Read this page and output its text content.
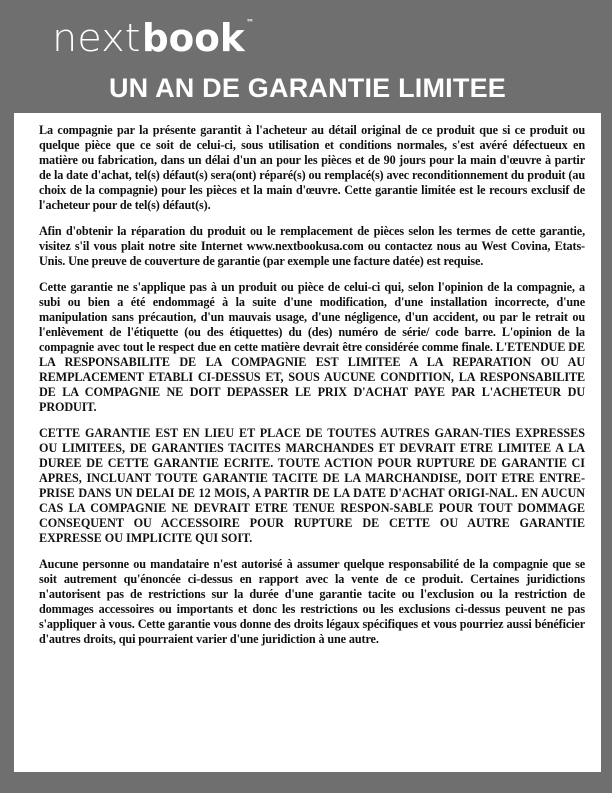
next book ™
UN AN DE GARANTIE LIMITEE

La compagnie par la présente garantit à l'acheteur au détail original de ce produit que si ce produit ou quelque pièce que ce soit de celui-ci, sous utilisation et conditions normales, s'est avéré défectueux en matière ou fabrication, dans un délai d'un an pour les pièces et de 90 jours pour la main d'œuvre à partir de la date d'achat, tel(s) défaut(s) sera(ont) réparé(s) ou remplacé(s) avec reconditionnement du produit (au choix de la compagnie) pour les pièces et la main d'œuvre. Cette garantie limitée est le recours exclusif de l'acheteur pour de tel(s) défaut(s).

Afin d'obtenir la réparation du produit ou le remplacement de pièces selon les termes de cette garantie, visitez s'il vous plait notre site Internet www.nextbookusa.com ou contactez nous au West Covina, Etats-Unis. Une preuve de couverture de garantie (par exemple une facture datée) est requise.

Cette garantie ne s'applique pas à un produit ou pièce de celui-ci qui, selon l'opinion de la compagnie, a subi ou bien a été endommagé à la suite d'une modification, d'une installation incorrecte, d'une manipulation sans précaution, d'un mauvais usage, d'une négligence, d'un accident, ou par le retrait ou l'enlèvement de l'étiquette (ou des étiquettes) du (des) numéro de série/ code barre. L'opinion de la compagnie avec tout le respect due en cette matière devrait être considérée comme finale. L'ETENDUE DE LA RESPONSABILITE DE LA COMPAGNIE EST LIMITEE A LA REPARATION OU AU REMPLACEMENT ETABLI CI-DESSUS ET, SOUS AUCUNE CONDITION, LA RESPONSABILITE DE LA COMPAGNIE NE DOIT DEPASSER LE PRIX D'ACHAT PAYE PAR L'ACHETEUR DU PRODUIT.

CETTE GARANTIE EST EN LIEU ET PLACE DE TOUTES AUTRES GARAN-TIES EXPRESSES OU LIMITEES, DE GARANTIES TACITES MARCHANDES ET DEVRAIT ETRE LIMITEE A LA DUREE DE CETTE GARANTIE ECRITE. TOUTE ACTION POUR RUPTURE DE GARANTIE CI APRES, INCLUANT TOUTE GARANTIE TACITE DE LA MARCHANDISE, DOIT ETRE ENTRE-PRISE DANS UN DELAI DE 12 MOIS, A PARTIR DE LA DATE D'ACHAT ORIGI-NAL. EN AUCUN CAS LA COMPAGNIE NE DEVRAIT ETRE TENUE RESPON-SABLE POUR TOUT DOMMAGE CONSEQUENT OU ACCESSOIRE POUR RUPTURE DE CETTE OU AUTRE GARANTIE EXPRESSE OU IMPLICITE QUI SOIT.

Aucune personne ou mandataire n'est autorisé à assumer quelque responsabilité de la compagnie que se soit autrement qu'énoncée ci-dessus en rapport avec la vente de ce produit. Certaines juridictions n'autorisent pas de restrictions sur la durée d'une garantie tacite ou l'exclusion ou la restriction de dommages accessoires ou importants et donc les restrictions ou les exclusions ci-dessus peuvent ne pas s'appliquer à vous. Cette garantie vous donne des droits légaux spécifiques et vous pourriez aussi bénéficier d'autres droits, qui pourraient varier d'une juridiction à une autre.
